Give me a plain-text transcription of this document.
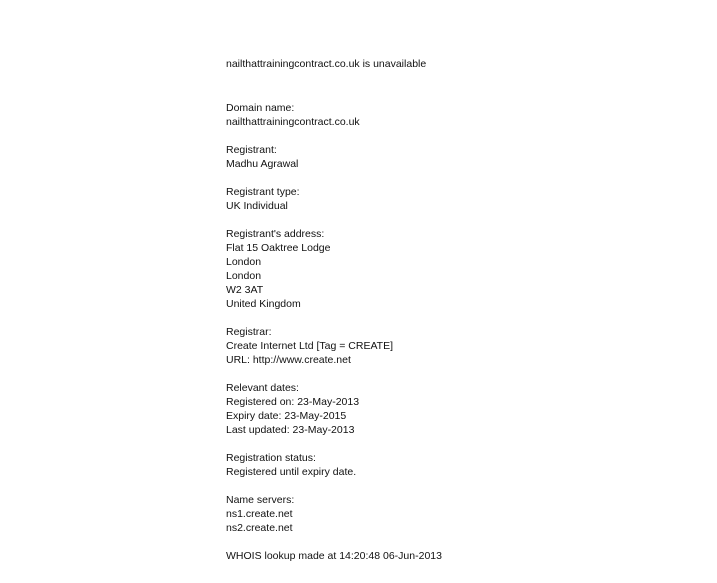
nailthattrainingcontract.co.uk is unavailable
Domain name:
nailthattrainingcontract.co.uk
Registrant:
Madhu Agrawal
Registrant type:
UK Individual
Registrant's address:
Flat 15 Oaktree Lodge
London
London
W2 3AT
United Kingdom
Registrar:
Create Internet Ltd [Tag = CREATE]
URL: http://www.create.net
Relevant dates:
Registered on: 23-May-2013
Expiry date: 23-May-2015
Last updated: 23-May-2013
Registration status:
Registered until expiry date.
Name servers:
ns1.create.net
ns2.create.net
WHOIS lookup made at 14:20:48 06-Jun-2013
